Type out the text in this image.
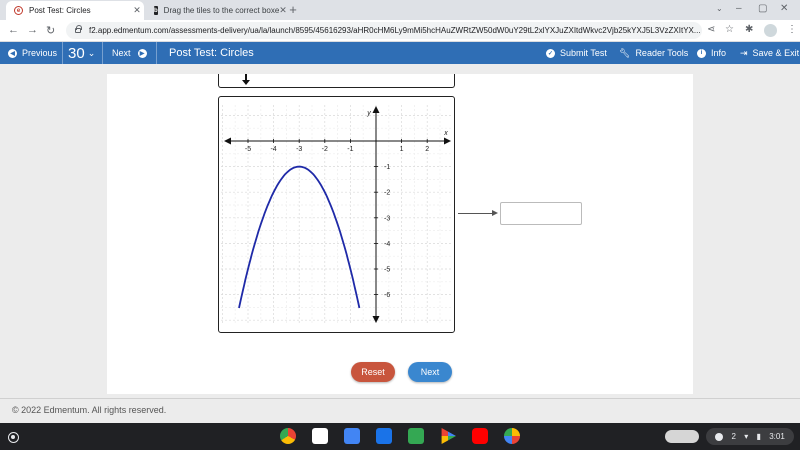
e	Post Test: Circles	✕	b Drag the tiles to the correct boxe ✕ +	⌄ – ▢ ✕
← → ↻	f2.app.edmentum.com/assessments-delivery/ua/la/launch/8595/45616293/aHR0cHM6Ly9mMi5hcHAuZWRtZW50dW0uY29tL2xlYXJuZXItdWkvc2Vjb25kYXJ5L3VzZXItYX... ⋖ ☆ ✱	⋮
◀ Previous 30 ⌄ Next	▶ Post Test: Circles	✓ Submit Test 🔧︎ Reader Tools	i Info ⇥ Save & Exit
x
y
-5	-4	-3	-2	-1	1	2
-1
-2
-3
-4
-5
-6
Reset	Next
© 2022 Edmentum. All rights reserved.
2 ▾ ▮ 3:01
